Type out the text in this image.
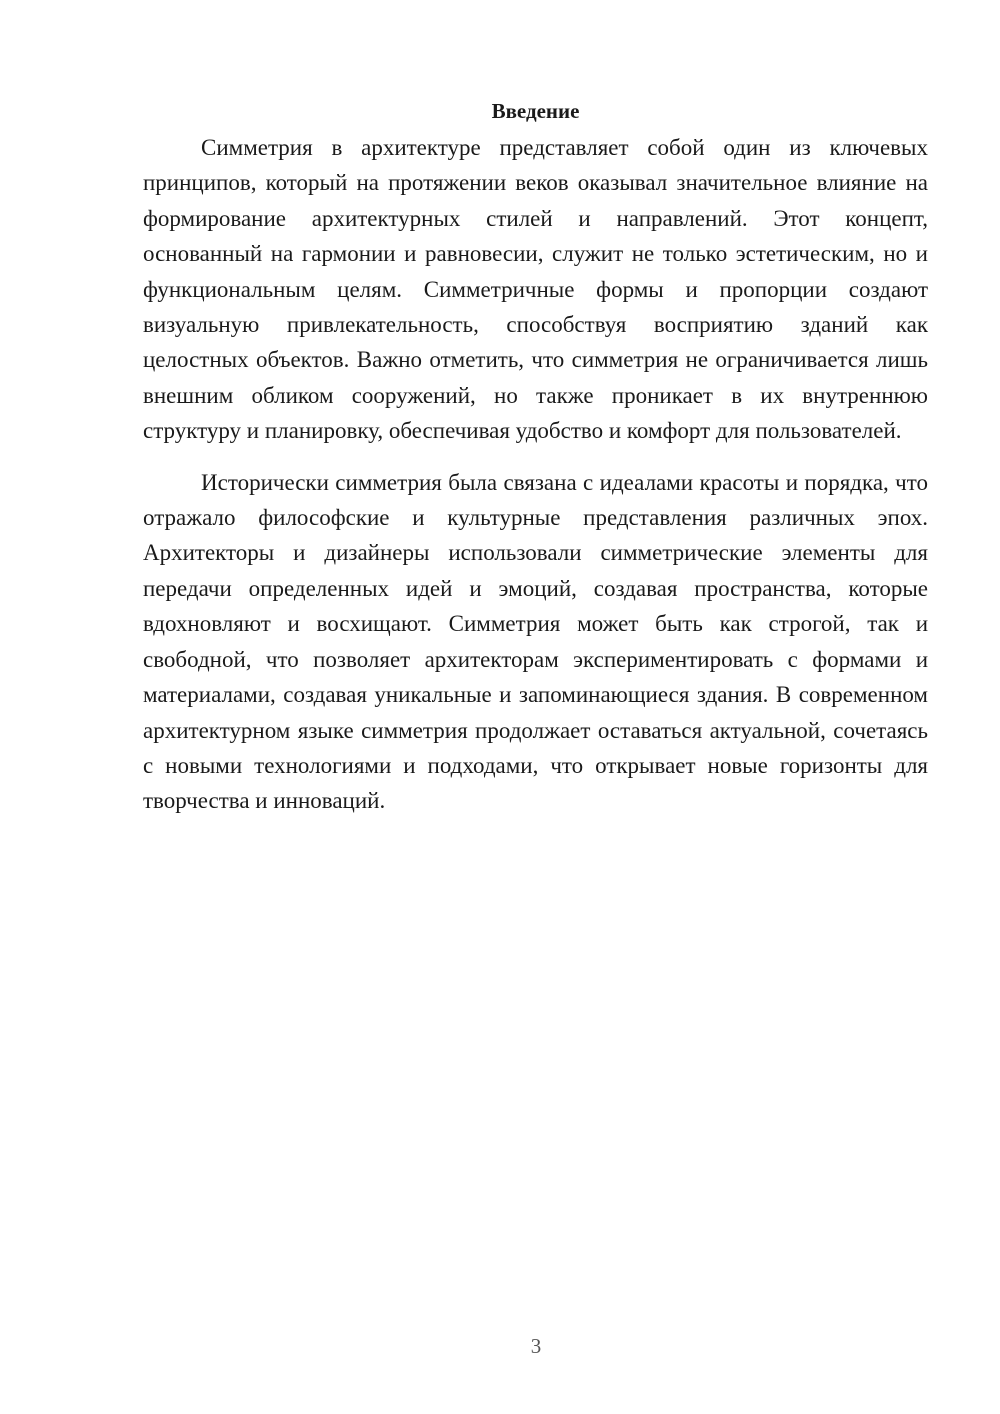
Введение

Симметрия в архитектуре представляет собой один из ключевых принципов, который на протяжении веков оказывал значительное влияние на формирование архитектурных стилей и направлений. Этот концепт, основанный на гармонии и равновесии, служит не только эстетическим, но и функциональным целям. Симметричные формы и пропорции создают визуальную привлекательность, способствуя восприятию зданий как целостных объектов. Важно отметить, что симметрия не ограничивается лишь внешним обликом сооружений, но также проникает в их внутреннюю структуру и планировку, обеспечивая удобство и комфорт для пользователей.

Исторически симметрия была связана с идеалами красоты и порядка, что отражало философские и культурные представления различных эпох. Архитекторы и дизайнеры использовали симметрические элементы для передачи определенных идей и эмоций, создавая пространства, которые вдохновляют и восхищают. Симметрия может быть как строгой, так и свободной, что позволяет архитекторам экспериментировать с формами и материалами, создавая уникальные и запоминающиеся здания. В современном архитектурном языке симметрия продолжает оставаться актуальной, сочетаясь с новыми технологиями и подходами, что открывает новые горизонты для творчества и инноваций.

3
